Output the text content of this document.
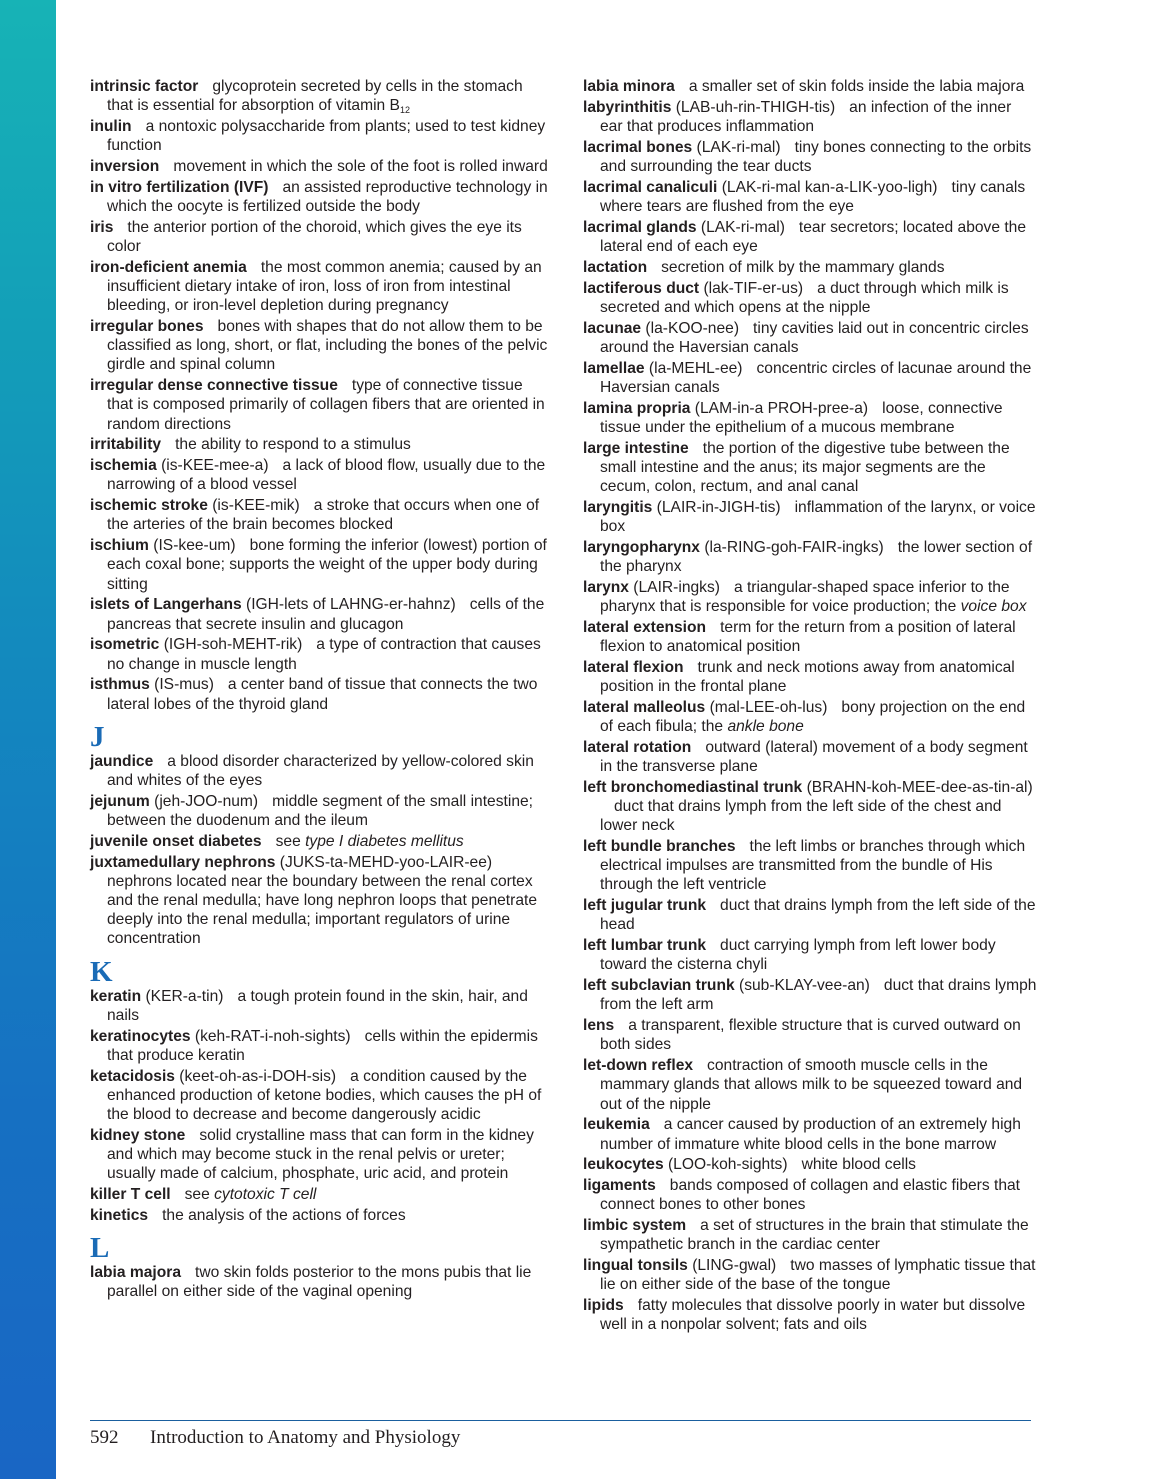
intrinsic factor glycoprotein secreted by cells in the stomach that is essential for absorption of vitamin $B_{12}$

inulin a nontoxic polysaccharide from plants; used to test kidney function

inversion movement in which the sole of the foot is rolled inward

in vitro fertilization (IVF) an assisted reproductive technology in which the oocyte is fertilized outside the body

iris the anterior portion of the choroid, which gives the eye its color

iron-deficient anemia the most common anemia; caused by an insufficient dietary intake of iron, loss of iron from intestinal bleeding, or iron-level depletion during pregnancy

irregular bones bones with shapes that do not allow them to be classified as long, short, or flat, including the bones of the pelvic girdle and spinal column

irregular dense connective tissue type of connective tissue that is composed primarily of collagen fibers that are oriented in random directions

irritability the ability to respond to a stimulus

ischemia (is-KEE-mee-a) a lack of blood flow, usually due to the narrowing of a blood vessel

ischemic stroke (is-KEE-mik) a stroke that occurs when one of the arteries of the brain becomes blocked

ischium (IS-kee-um) bone forming the inferior (lowest) portion of each coxal bone; supports the weight of the upper body during sitting

islets of Langerhans (IGH-lets of LAHNG-er-hahnz) cells of the pancreas that secrete insulin and glucagon

isometric (IGH-soh-MEHT-rik) a type of contraction that causes no change in muscle length

isthmus (IS-mus) a center band of tissue that connects the two lateral lobes of the thyroid gland

J

jaundice a blood disorder characterized by yellow-colored skin and whites of the eyes

jejunum (jeh-JOO-num) middle segment of the small intestine; between the duodenum and the ileum

juvenile onset diabetes see type I diabetes mellitus

juxtamedullary nephrons (JUKS-ta-MEHD-yoo-LAIR-ee)nephrons located near the boundary between the renal cortex and the renal medulla; have long nephron loops that penetrate deeply into the renal medulla; important regulators of urine concentration

K

keratin (KER-a-tin) a tough protein found in the skin, hair, and nails

keratinocytes (keh-RAT-i-noh-sights) cells within the epidermis that produce keratin

ketacidosis (keet-oh-as-i-DOH-sis) a condition caused by the enhanced production of ketone bodies, which causes the pH of the blood to decrease and become dangerously acidic

kidney stone solid crystalline mass that can form in the kidney and which may become stuck in the renal pelvis or ureter; usually made of calcium, phosphate, uric acid, and protein

killer T cell see cytotoxic T cell

kinetics the analysis of the actions of forces

L

labia majora two skin folds posterior to the mons pubis that lie parallel on either side of the vaginal opening

labia minora a smaller set of skin folds inside the labia majora

labyrinthitis (LAB-uh-rin-THIGH-tis) an infection of the inner ear that produces inflammation

lacrimal bones (LAK-ri-mal) tiny bones connecting to the orbits and surrounding the tear ducts

lacrimal canaliculi (LAK-ri-mal kan-a-LIK-yoo-ligh) tiny canals where tears are flushed from the eye

lacrimal glands (LAK-ri-mal) tear secretors; located above the lateral end of each eye

lactation secretion of milk by the mammary glands

lactiferous duct (lak-TIF-er-us) a duct through which milk is secreted and which opens at the nipple

lacunae (la-KOO-nee) tiny cavities laid out in concentric circles around the Haversian canals

lamellae (la-MEHL-ee) concentric circles of lacunae around the Haversian canals

lamina propria (LAM-in-a PROH-pree-a) loose, connective tissue under the epithelium of a mucous membrane

large intestine the portion of the digestive tube between the small intestine and the anus; its major segments are the cecum, colon, rectum, and anal canal

laryngitis (LAIR-in-JIGH-tis) inflammation of the larynx, or voice box

laryngopharynx (la-RING-goh-FAIR-ingks) the lower section of the pharynx

larynx (LAIR-ingks) a triangular-shaped space inferior to the pharynx that is responsible for voice production; the voice box

lateral extension term for the return from a position of lateral flexion to anatomical position

lateral flexion trunk and neck motions away from anatomical position in the frontal plane

lateral malleolus (mal-LEE-oh-lus) bony projection on the end of each fibula; the ankle bone

lateral rotation outward (lateral) movement of a body segment in the transverse plane

left bronchomediastinal trunk (BRAHN-koh-MEE-dee-as-tin-al)duct that drains lymph from the left side of the chest and lower neck

left bundle branches the left limbs or branches through which electrical impulses are transmitted from the bundle of His through the left ventricle

left jugular trunk duct that drains lymph from the left side of the head

left lumbar trunk duct carrying lymph from left lower body toward the cisterna chyli

left subclavian trunk (sub-KLAY-vee-an) duct that drains lymph from the left arm

lens a transparent, flexible structure that is curved outward on both sides

let-down reflex contraction of smooth muscle cells in the mammary glands that allows milk to be squeezed toward and out of the nipple

leukemia a cancer caused by production of an extremely high number of immature white blood cells in the bone marrow

leukocytes (LOO-koh-sights) white blood cells

ligaments bands composed of collagen and elastic fibers that connect bones to other bones

limbic system a set of structures in the brain that stimulate the sympathetic branch in the cardiac center

lingual tonsils (LING-gwal) two masses of lymphatic tissue that lie on either side of the base of the tongue

lipids fatty molecules that dissolve poorly in water but dissolve well in a nonpolar solvent; fats and oils

592 Introduction to Anatomy and Physiology
